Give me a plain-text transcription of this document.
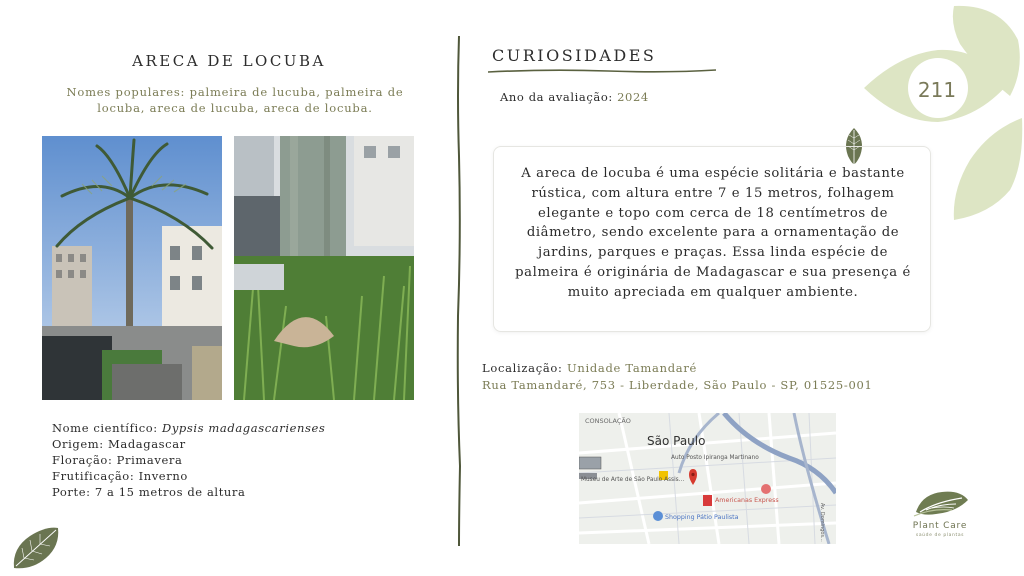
ARECA DE LOCUBA
Nomes populares: palmeira de lucuba, palmeira de locuba, areca de lucuba, areca de locuba.
Nome científico: Dypsis madagascarienses
Origem: Madagascar
Floração: Primavera
Frutificação: Inverno
Porte: 7 a 15 metros de altura
CURIOSIDADES
Ano da avaliação: 2024
A areca de locuba é uma espécie solitária e bastante rústica, com altura entre 7 e 15 metros, folhagem elegante e topo com cerca de 18 centímetros de diâmetro, sendo excelente para a ornamentação de jardins, parques e praças. Essa linda espécie de palmeira é originária de Madagascar e sua presença é muito apreciada em qualquer ambiente.
Localização: Unidade Tamandaré
Rua Tamandaré, 753 - Liberdade, São Paulo - SP, 01525-001
CONSOLAÇÃO
São Paulo
Auto Posto Ipiranga Martinano
Museu de Arte de São Paulo Assis...
Americanas Express
Shopping Pátio Paulista	Av. Domingos...
211
Plant Care
saúde de plantas
